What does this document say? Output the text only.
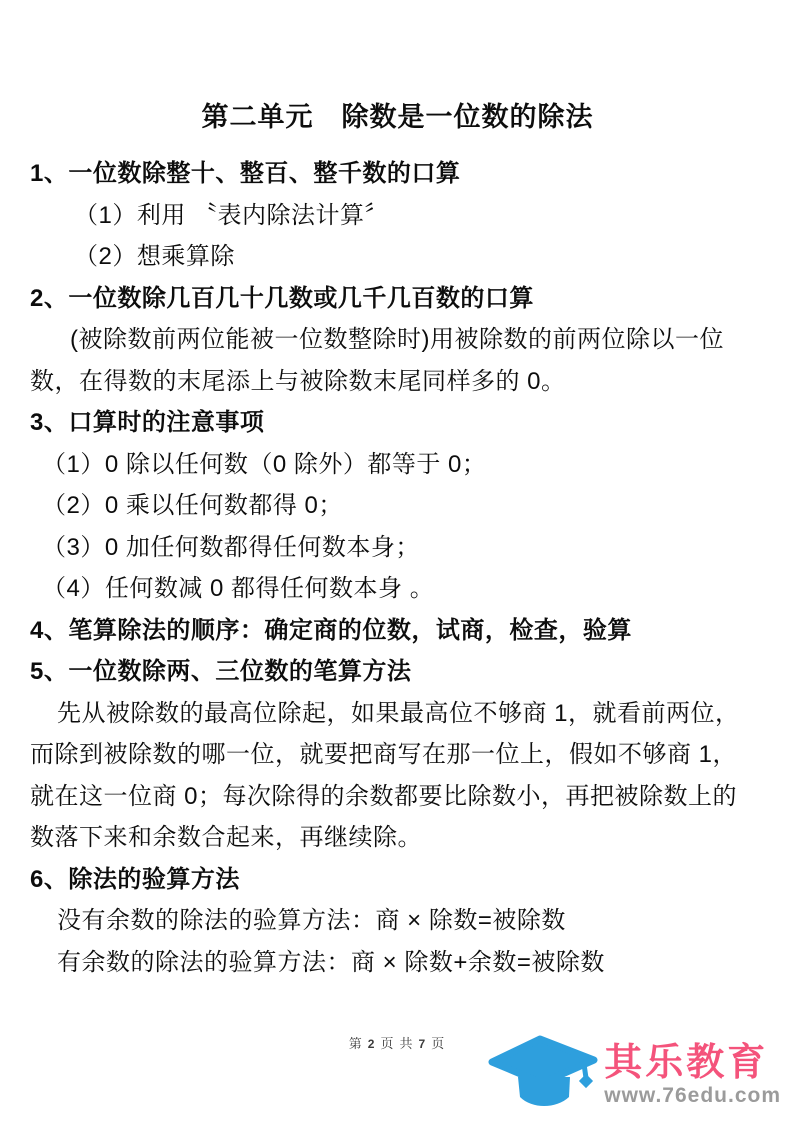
第二单元　除数是一位数的除法
1、一位数除整十、整百、整千数的口算
（1）利用 〝表内除法计算〞
（2）想乘算除
2、一位数除几百几十几数或几千几百数的口算
(被除数前两位能被一位数整除时)用被除数的前两位除以一位
数，在得数的末尾添上与被除数末尾同样多的 0。
3、口算时的注意事项
（1）0 除以任何数（0 除外）都等于 0；
（2）0 乘以任何数都得 0；
（3）0 加任何数都得任何数本身；
（4）任何数减 0 都得任何数本身 。
4、笔算除法的顺序：确定商的位数，试商，检查，验算
5、一位数除两、三位数的笔算方法
先从被除数的最高位除起，如果最高位不够商 1，就看前两位，
而除到被除数的哪一位，就要把商写在那一位上，假如不够商 1，
就在这一位商 0；每次除得的余数都要比除数小，再把被除数上的
数落下来和余数合起来，再继续除。
6、除法的验算方法
没有余数的除法的验算方法：商 × 除数=被除数
有余数的除法的验算方法：商 × 除数+余数=被除数
第 2 页 共 7 页	其乐教育
www.76edu.com
